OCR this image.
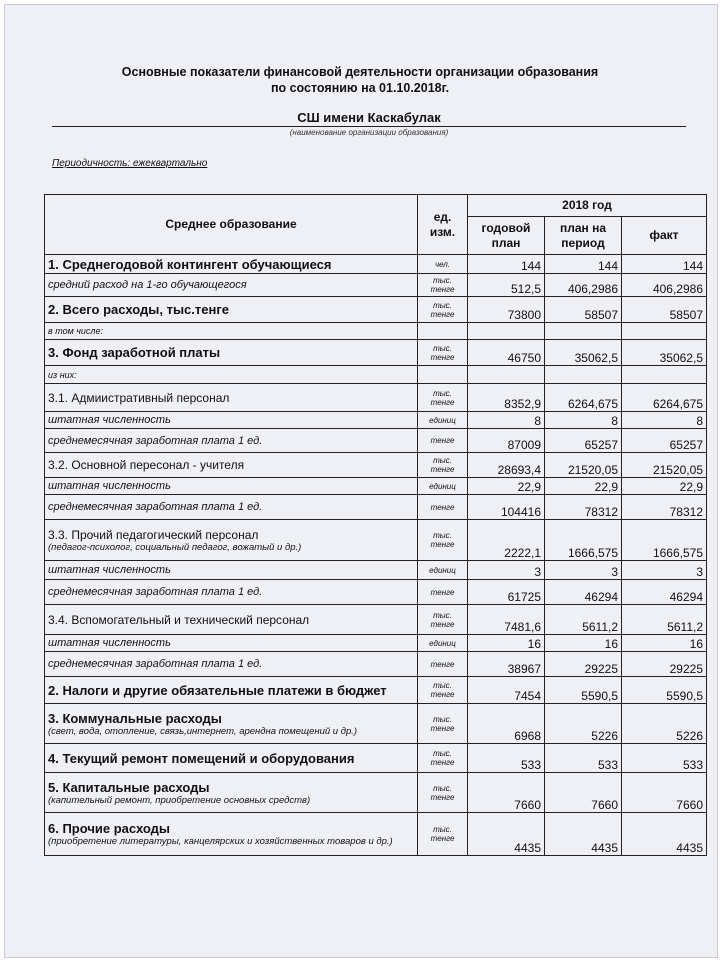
Основные показатели финансовой деятельности организации образования
по состоянию на 01.10.2018г.
СШ имени Каскабулак
(наименование организации образования)
Периодичность: ежеквартально
Среднее образование	ед. изм.	2018 год		
		годовой план	план на период	факт
1. Среднегодовой контингент обучающиеся	чел.	144	144	144
средний расход на 1-го обучающегося	тыс. тенге	512,5	406,2986	406,2986
2. Всего расходы, тыс.тенге	тыс. тенге	73800	58507	58507
в том числе:				
3. Фонд заработной платы	тыс. тенге	46750	35062,5	35062,5
из них:				
3.1. Адмиистративный персонал	тыс. тенге	8352,9	6264,675	6264,675
штатная численность	единиц	8	8	8
среднемесячная заработная плата 1 ед.	тенге	87009	65257	65257
3.2. Основной пересонал - учителя	тыс. тенге	28693,4	21520,05	21520,05
штатная численность	единиц	22,9	22,9	22,9
среднемесячная заработная плата 1 ед.	тенге	104416	78312	78312
3.3. Прочий педагогический персонал
(педагог-психолог, социальный педагог, вожатый и др.)	тыс. тенге	2222,1	1666,575	1666,575
штатная численность	единиц	3	3	3
среднемесячная заработная плата 1 ед.	тенге	61725	46294	46294
3.4. Вспомогательный и технический персонал	тыс. тенге	7481,6	5611,2	5611,2
штатная численность	единиц	16	16	16
среднемесячная заработная плата 1 ед.	тенге	38967	29225	29225
2. Налоги и другие обязательные платежи в бюджет	тыс. тенге	7454	5590,5	5590,5
3. Коммунальные расходы
(свет, вода, отопление, связь,интернет, арендна помещений и др.)	тыс. тенге	6968	5226	5226
4. Текущий ремонт помещений и оборудования	тыс. тенге	533	533	533
5. Капитальные расходы
(капительный ремонт, приобретение основных средств)	тыс. тенге	7660	7660	7660
6. Прочие расходы
(приобретение литературы, канцелярских и хозяйственных товаров и др.)	тыс. тенге	4435	4435	4435
